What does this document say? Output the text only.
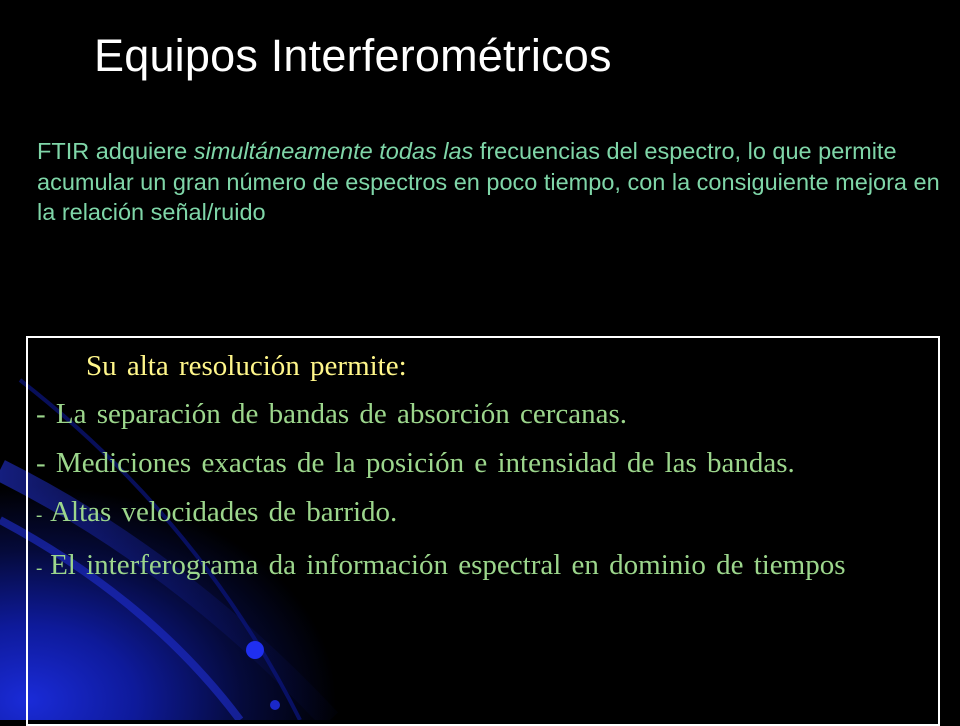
Equipos Interferométricos

FTIR adquiere simultáneamente todas las frecuencias del espectro, lo que permite acumular un gran número de espectros en poco tiempo, con la consiguiente mejora en la relación señal/ruido

Su alta resolución permite:

- La separación de bandas de absorción cercanas.

- Mediciones exactas de la posición e intensidad de las bandas.

- Altas velocidades de barrido.

- El interferograma da información espectral en dominio de tiempos
